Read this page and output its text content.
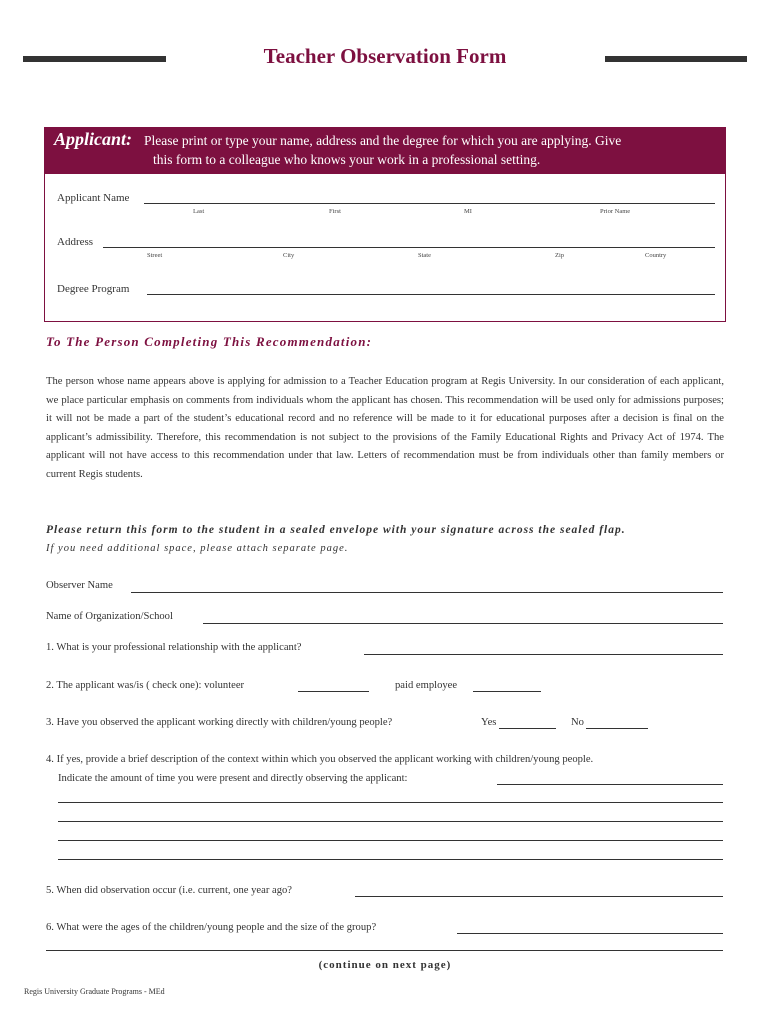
Teacher Observation Form
Applicant: Please print or type your name, address and the degree for which you are applying. Give
this form to a colleague who knows your work in a professional setting.
Applicant Name
Last	First	MI	Prior Name
Address
Street	City	State	Zip	Country
Degree Program
To The Person Completing This Recommendation:
The person whose name appears above is applying for admission to a Teacher Education program at Regis University. In our consideration of each applicant, we place particular emphasis on comments from individuals whom the applicant has chosen. This recommendation will be used only for admissions purposes; it will not be made a part of the student’s educational record and no reference will be made to it for educational purposes after a decision is final on the applicant’s admissibility. Therefore, this recommendation is not subject to the provisions of the Family Educational Rights and Privacy Act of 1974. The applicant will not have access to this recommendation under that law. Letters of recommendation must be from individuals other than family members or current Regis students.
Please return this form to the student in a sealed envelope with your signature across the sealed flap.
If you need additional space, please attach separate page.
Observer Name
Name of Organization/School
1. What is your professional relationship with the applicant?
2. The applicant was/is ( check one): volunteer	paid employee
3. Have you observed the applicant working directly with children/young people?	Yes	No
4. If yes, provide a brief description of the context within which you observed the applicant working with children/young people.
Indicate the amount of time you were present and directly observing the applicant:
5. When did observation occur (i.e. current, one year ago?
6. What were the ages of the children/young people and the size of the group?
(continue on next page)
Regis University Graduate Programs - MEd
